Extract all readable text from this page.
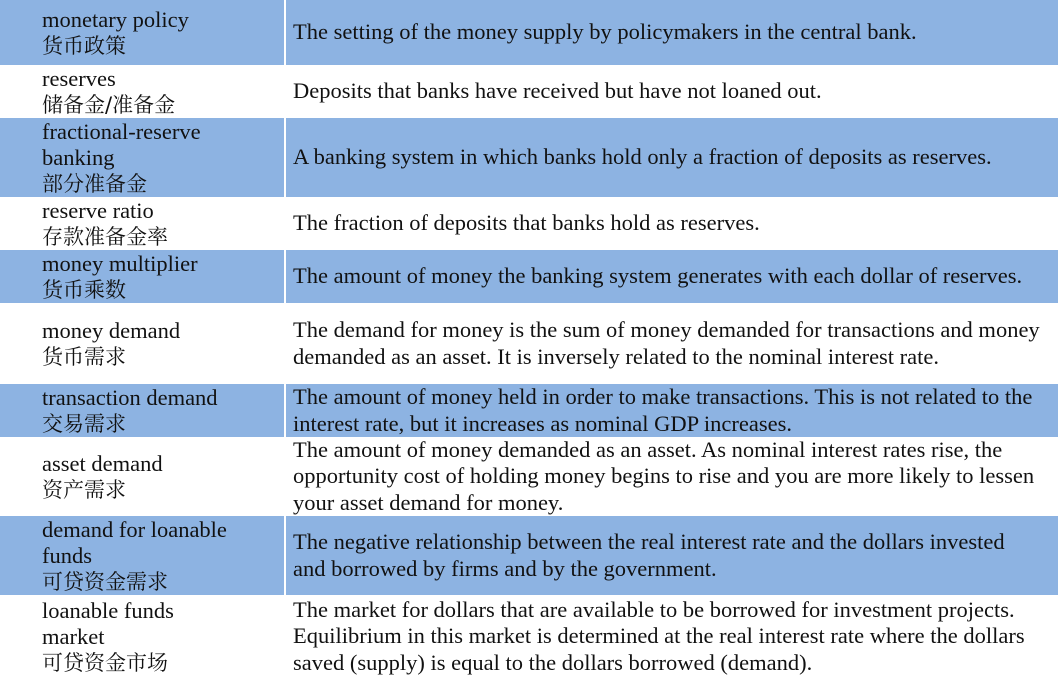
monetary policy
货币政策
The setting of the money supply by policymakers in the central bank.
reserves
储备金/准备金
Deposits that banks have received but have not loaned out.
fractional-reserve banking
部分准备金
A banking system in which banks hold only a fraction of deposits as reserves.
reserve ratio
存款准备金率
The fraction of deposits that banks hold as reserves.
money multiplier
货币乘数
The amount of money the banking system generates with each dollar of reserves.
money demand
货币需求
The demand for money is the sum of money demanded for transactions and money demanded as an asset. It is inversely related to the nominal interest rate.
transaction demand
交易需求
The amount of money held in order to make transactions. This is not related to the interest rate, but it increases as nominal GDP increases.
asset demand
资产需求
The amount of money demanded as an asset. As nominal interest rates rise, the opportunity cost of holding money begins to rise and you are more likely to lessen your asset demand for money.
demand for loanable funds
可贷资金需求
The negative relationship between the real interest rate and the dollars invested and borrowed by firms and by the government.
loanable funds market
可贷资金市场
The market for dollars that are available to be borrowed for investment projects. Equilibrium in this market is determined at the real interest rate where the dollars saved (supply) is equal to the dollars borrowed (demand).
